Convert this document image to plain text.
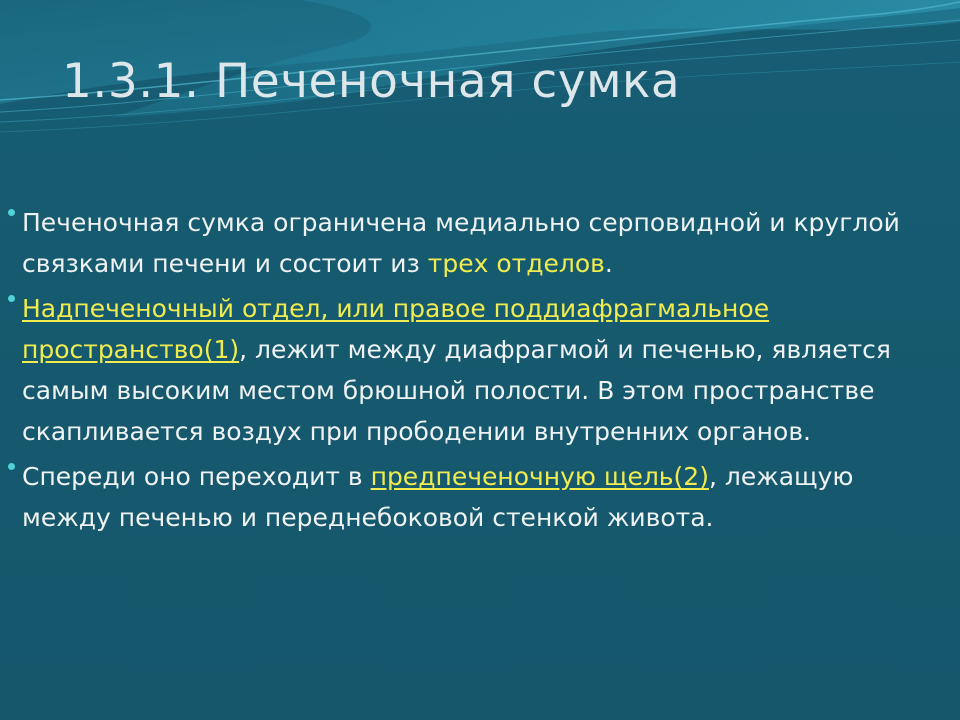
1.3.1. Печеночная сумка
Печеночная сумка ограничена медиально серповидной и круглой связками печени и состоит из трех отделов.
Надпеченочный отдел, или правое поддиафрагмальное пространство(1), лежит между диафрагмой и печенью, является самым высоким местом брюшной полости. В этом пространстве скапливается воздух при прободении внутренних органов.
Спереди оно переходит в предпеченочную щель(2), лежащую между печенью и переднебоковой стенкой живота.
